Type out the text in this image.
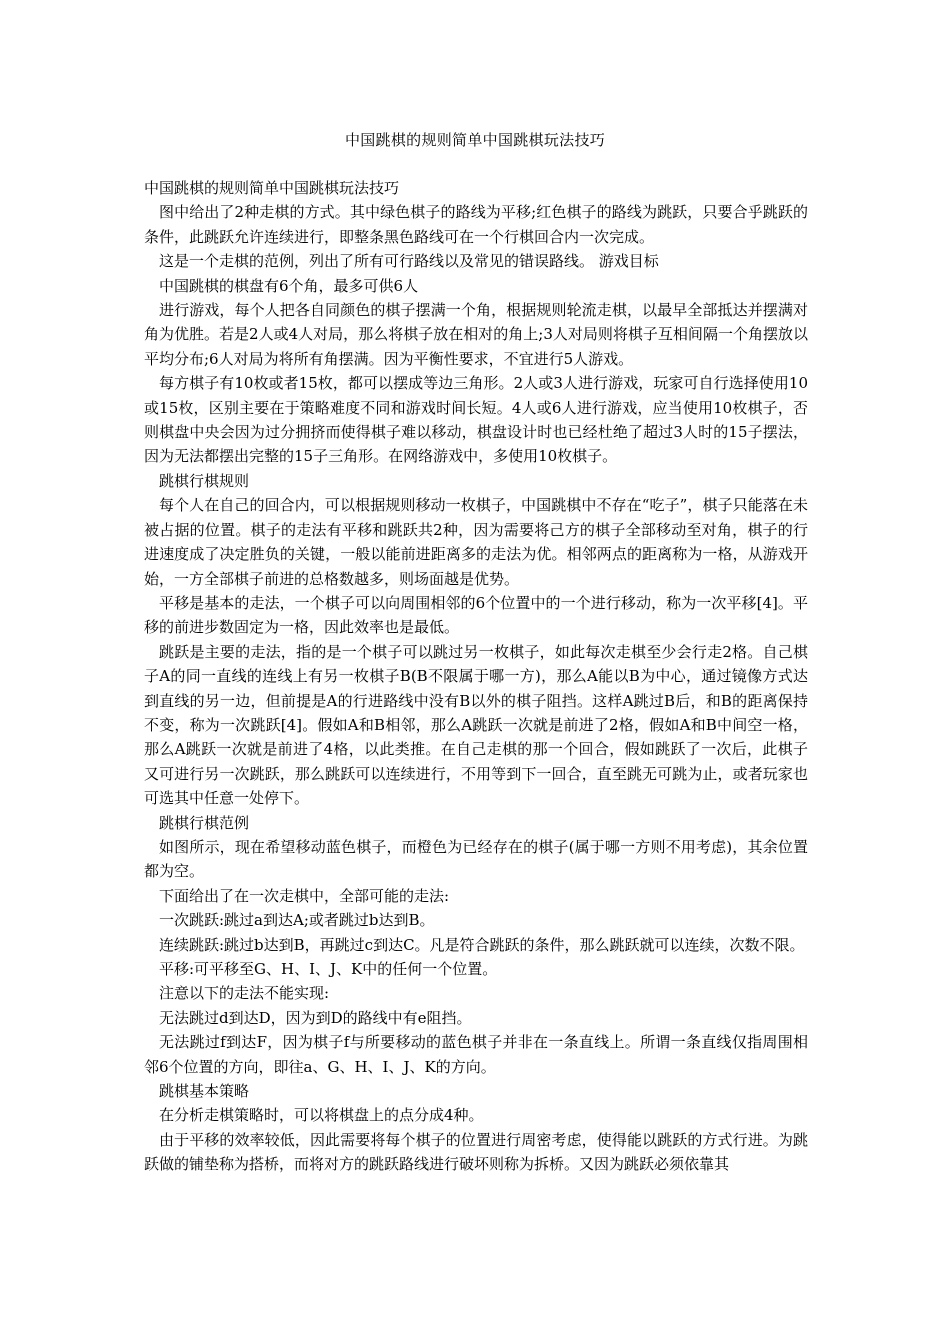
中国跳棋的规则简单中国跳棋玩法技巧

中国跳棋的规则简单中国跳棋玩法技巧

图中给出了2种走棋的方式。其中绿色棋子的路线为平移;红色棋子的路线为跳跃，只要合乎跳跃的条件，此跳跃允许连续进行，即整条黑色路线可在一个行棋回合内一次完成。

这是一个走棋的范例，列出了所有可行路线以及常见的错误路线。 游戏目标

中国跳棋的棋盘有6个角，最多可供6人

进行游戏，每个人把各自同颜色的棋子摆满一个角，根据规则轮流走棋，以最早全部抵达并摆满对角为优胜。若是2人或4人对局，那么将棋子放在相对的角上;3人对局则将棋子互相间隔一个角摆放以平均分布;6人对局为将所有角摆满。因为平衡性要求，不宜进行5人游戏。

每方棋子有10枚或者15枚，都可以摆成等边三角形。2人或3人进行游戏，玩家可自行选择使用10或15枚，区别主要在于策略难度不同和游戏时间长短。4人或6人进行游戏，应当使用10枚棋子，否则棋盘中央会因为过分拥挤而使得棋子难以移动，棋盘设计时也已经杜绝了超过3人时的15子摆法，因为无法都摆出完整的15子三角形。在网络游戏中，多使用10枚棋子。

跳棋行棋规则

每个人在自己的回合内，可以根据规则移动一枚棋子，中国跳棋中不存在“吃子”，棋子只能落在未被占据的位置。棋子的走法有平移和跳跃共2种，因为需要将己方的棋子全部移动至对角，棋子的行进速度成了决定胜负的关键，一般以能前进距离多的走法为优。相邻两点的距离称为一格，从游戏开始，一方全部棋子前进的总格数越多，则场面越是优势。

平移是基本的走法，一个棋子可以向周围相邻的6个位置中的一个进行移动，称为一次平移[4]。平移的前进步数固定为一格，因此效率也是最低。

跳跃是主要的走法，指的是一个棋子可以跳过另一枚棋子，如此每次走棋至少会行走2格。自己棋子A的同一直线的连线上有另一枚棋子B(B不限属于哪一方)，那么A能以B为中心，通过镜像方式达到直线的另一边，但前提是A的行进路线中没有B以外的棋子阻挡。这样A跳过B后，和B的距离保持不变，称为一次跳跃[4]。假如A和B相邻，那么A跳跃一次就是前进了2格，假如A和B中间空一格，那么A跳跃一次就是前进了4格，以此类推。在自己走棋的那一个回合，假如跳跃了一次后，此棋子又可进行另一次跳跃，那么跳跃可以连续进行，不用等到下一回合，直至跳无可跳为止，或者玩家也可选其中任意一处停下。

跳棋行棋范例

如图所示，现在希望移动蓝色棋子，而橙色为已经存在的棋子(属于哪一方则不用考虑)，其余位置都为空。

下面给出了在一次走棋中，全部可能的走法:

一次跳跃:跳过a到达A;或者跳过b达到B。

连续跳跃:跳过b达到B，再跳过c到达C。凡是符合跳跃的条件，那么跳跃就可以连续，次数不限。

平移:可平移至G、H、I、J、K中的任何一个位置。

注意以下的走法不能实现:

无法跳过d到达D，因为到D的路线中有e阻挡。

无法跳过f到达F，因为棋子f与所要移动的蓝色棋子并非在一条直线上。所谓一条直线仅指周围相邻6个位置的方向，即往a、G、H、I、J、K的方向。

跳棋基本策略

在分析走棋策略时，可以将棋盘上的点分成4种。

由于平移的效率较低，因此需要将每个棋子的位置进行周密考虑，使得能以跳跃的方式行进。为跳跃做的铺垫称为搭桥，而将对方的跳跃路线进行破坏则称为拆桥。又因为跳跃必须依靠其
